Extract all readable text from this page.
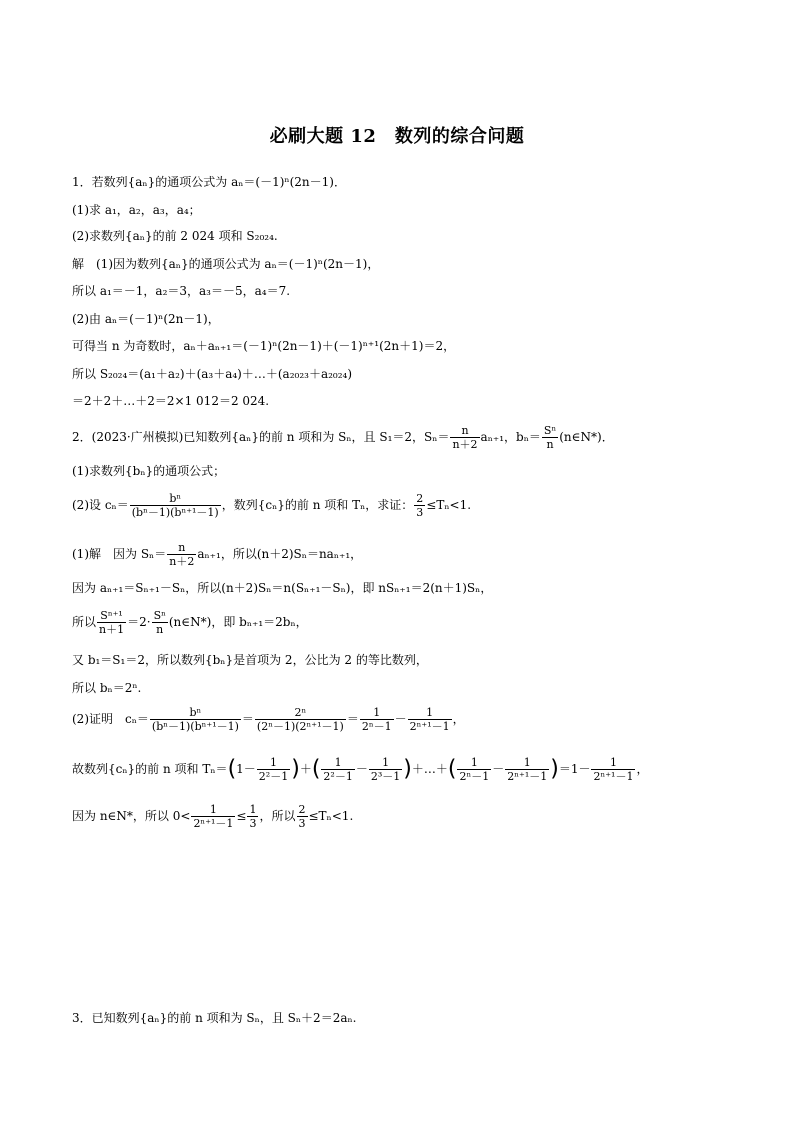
必刷大题 12　数列的综合问题
1．若数列{aₙ}的通项公式为 aₙ＝(－1)ⁿ(2n－1)．
(1)求 a₁，a₂，a₃，a₄；
(2)求数列{aₙ}的前 2 024 项和 S₂₀₂₄.
解　(1)因为数列{aₙ}的通项公式为 aₙ＝(－1)ⁿ(2n－1)，
所以 a₁＝－1，a₂＝3，a₃＝－5，a₄＝7.
(2)由 aₙ＝(－1)ⁿ(2n－1)，
可得当 n 为奇数时，aₙ＋aₙ₊₁＝(－1)ⁿ(2n－1)＋(－1)ⁿ⁺¹(2n＋1)＝2，
所以 S₂₀₂₄＝(a₁＋a₂)＋(a₃＋a₄)＋…＋(a₂₀₂₃＋a₂₀₂₄)
＝2＋2＋…＋2＝2×1 012＝2 024.
2．(2023·广州模拟)已知数列{aₙ}的前 n 项和为 Sₙ，且 S₁＝2，$S_n= \frac{n}{n+2} a_{n+1}$，$b_n= \frac{\text{Sⁿ}}{n}$ (n∈N*)．
(1)求数列{bₙ}的通项公式；
(2)设 $c_n= \frac{\text{bⁿ}}{\text{(bⁿ－1)(bⁿ⁺¹－1)}}$ ，数列{cₙ}的前 n 项和 Tₙ，求证： $\frac{2}{3} \le T_n<1$.
(1)解　因为 $S_n= \frac{n}{n+2} a_{n+1}$，所以(n＋2)Sₙ＝naₙ₊₁，
因为 aₙ₊₁＝Sₙ₊₁－Sₙ，所以(n＋2)Sₙ＝n(Sₙ₊₁－Sₙ)，即 nSₙ₊₁＝2(n＋1)Sₙ，
所以 $\frac{\text{Sⁿ⁺¹}}{n+1} =2\cdot \frac{\text{Sⁿ}}{n}$ (n∈N*)，即 bₙ₊₁＝2bₙ，
又 b₁＝S₁＝2，所以数列{bₙ}是首项为 2，公比为 2 的等比数列，
所以 bₙ＝2ⁿ.
(2)证明　$c_n= \frac{\text{bⁿ}}{\text{(bⁿ－1)(bⁿ⁺¹－1)}} = \frac{\text{2ⁿ}}{\text{(2ⁿ－1)(2ⁿ⁺¹－1)}} = \frac{1}{\text{2ⁿ－1}} - \frac{1}{\text{2ⁿ⁺¹－1}}$ ，
故数列{cₙ}的前 n 项和 $T_n=(1- \frac{1}{\text{2²－1}}$ )＋( $\frac{1}{\text{2²－1}} - \frac{1}{\text{2³－1}}$ )＋…＋( $\frac{1}{\text{2ⁿ－1}} - \frac{1}{\text{2ⁿ⁺¹－1}} )=1- \frac{1}{\text{2ⁿ⁺¹－1}}$ ，
因为 n∈N*，所以 $0< \frac{1}{\text{2ⁿ⁺¹－1}} \le \frac{1}{3}$ ，所以 $\frac{2}{3} \le T_n<1$.
3．已知数列{aₙ}的前 n 项和为 Sₙ，且 Sₙ＋2＝2aₙ.
